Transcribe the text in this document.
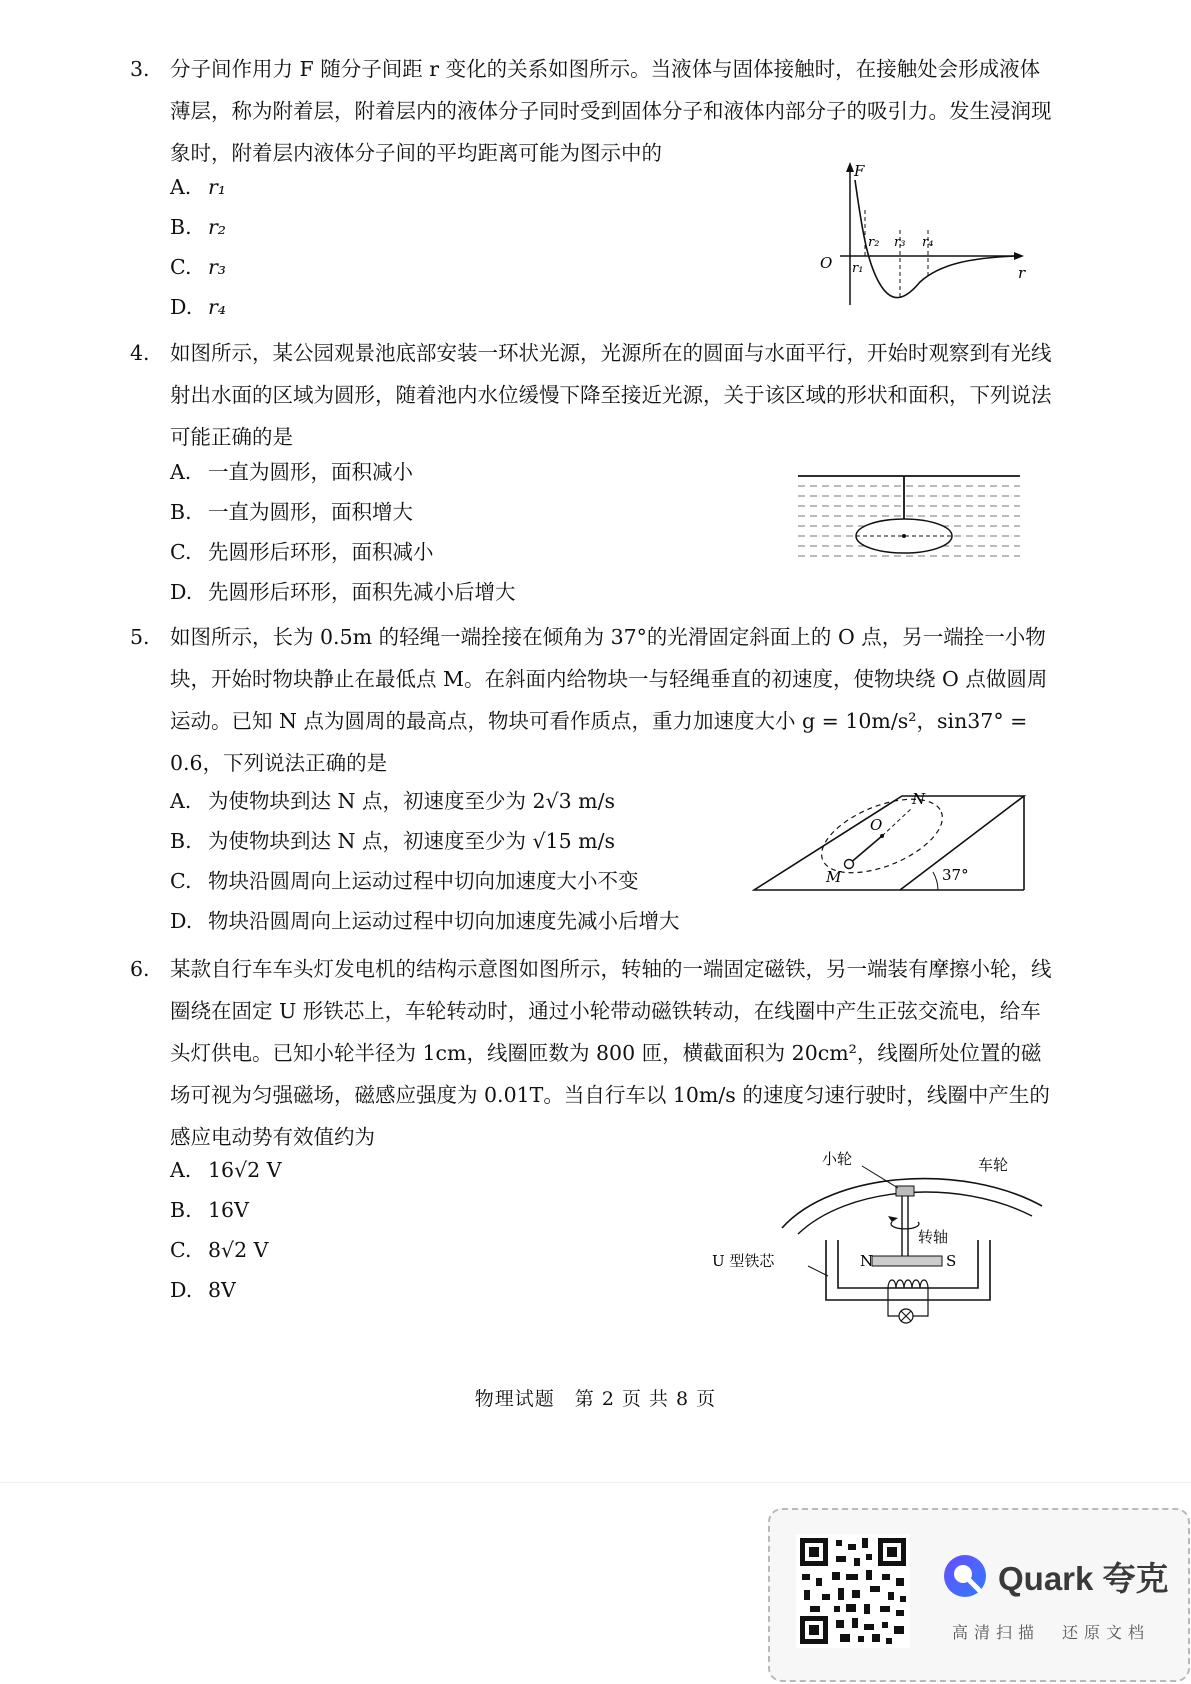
3. 分子间作用力 F 随分子间距 r 变化的关系如图所示。当液体与固体接触时，在接触处会形成液体薄层，称为附着层，附着层内的液体分子同时受到固体分子和液体内部分子的吸引力。发生浸润现象时，附着层内液体分子间的平均距离可能为图示中的
A. r₁
B. r₂
C. r₃
D. r₄
F
r
O r₁
r₂ r₃ r₄
4. 如图所示，某公园观景池底部安装一环状光源，光源所在的圆面与水面平行，开始时观察到有光线射出水面的区域为圆形，随着池内水位缓慢下降至接近光源，关于该区域的形状和面积，下列说法可能正确的是
A. 一直为圆形，面积减小
B. 一直为圆形，面积增大
C. 先圆形后环形，面积减小
D. 先圆形后环形，面积先减小后增大
5. 如图所示，长为 0.5m 的轻绳一端拴接在倾角为 37°的光滑固定斜面上的 O 点，另一端拴一小物块，开始时物块静止在最低点 M。在斜面内给物块一与轻绳垂直的初速度，使物块绕 O 点做圆周运动。已知 N 点为圆周的最高点，物块可看作质点，重力加速度大小 g = 10m/s²，sin37° = 0.6，下列说法正确的是
A. 为使物块到达 N 点，初速度至少为 2√3 m/s
B. 为使物块到达 N 点，初速度至少为 √15 m/s
C. 物块沿圆周向上运动过程中切向加速度大小不变
D. 物块沿圆周向上运动过程中切向加速度先减小后增大
N
O
M	37°
6. 某款自行车车头灯发电机的结构示意图如图所示，转轴的一端固定磁铁，另一端装有摩擦小轮，线圈绕在固定 U 形铁芯上，车轮转动时，通过小轮带动磁铁转动，在线圈中产生正弦交流电，给车头灯供电。已知小轮半径为 1cm，线圈匝数为 800 匝，横截面积为 20cm²，线圈所处位置的磁场可视为匀强磁场，磁感应强度为 0.01T。当自行车以 10m/s 的速度匀速行驶时，线圈中产生的感应电动势有效值约为
A. 16√2 V
B. 16V
C. 8√2 V
D. 8V
小轮	车轮
转轴
N	S
U 型铁芯
物理试题　第 2 页 共 8 页
Quark 夸克
高清扫描　还原文档
